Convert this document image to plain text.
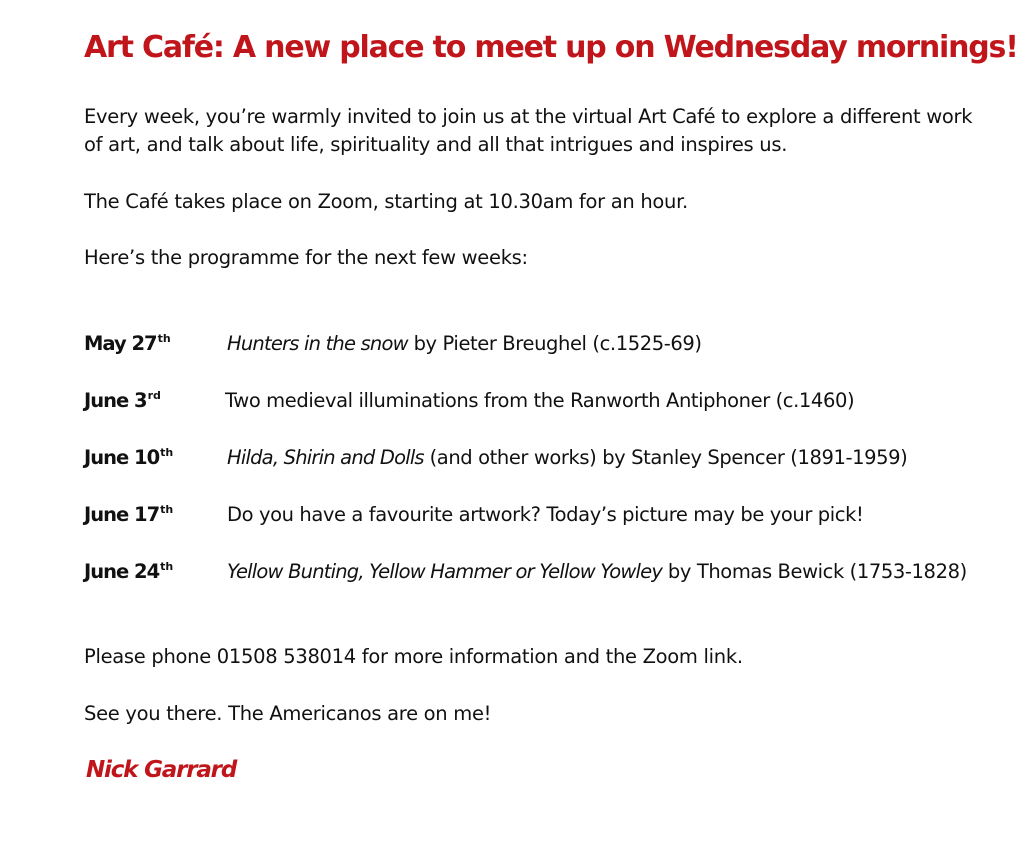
Art Café: A new place to meet up on Wednesday mornings!

Every week, you’re warmly invited to join us at the virtual Art Café to explore a different work of art, and talk about life, spirituality and all that intrigues and inspires us.

The Café takes place on Zoom, starting at 10.30am for an hour.

Here’s the programme for the next few weeks:

May 27th	Hunters in the snow by Pieter Breughel (c.1525-69)
June 3rd	Two medieval illuminations from the Ranworth Antiphoner (c.1460)
June 10th	Hilda, Shirin and Dolls (and other works) by Stanley Spencer (1891-1959)
June 17th	Do you have a favourite artwork? Today’s picture may be your pick!
June 24th	Yellow Bunting, Yellow Hammer or Yellow Yowley by Thomas Bewick (1753-1828)

Please phone 01508 538014 for more information and the Zoom link.

See you there. The Americanos are on me!

Nick Garrard
